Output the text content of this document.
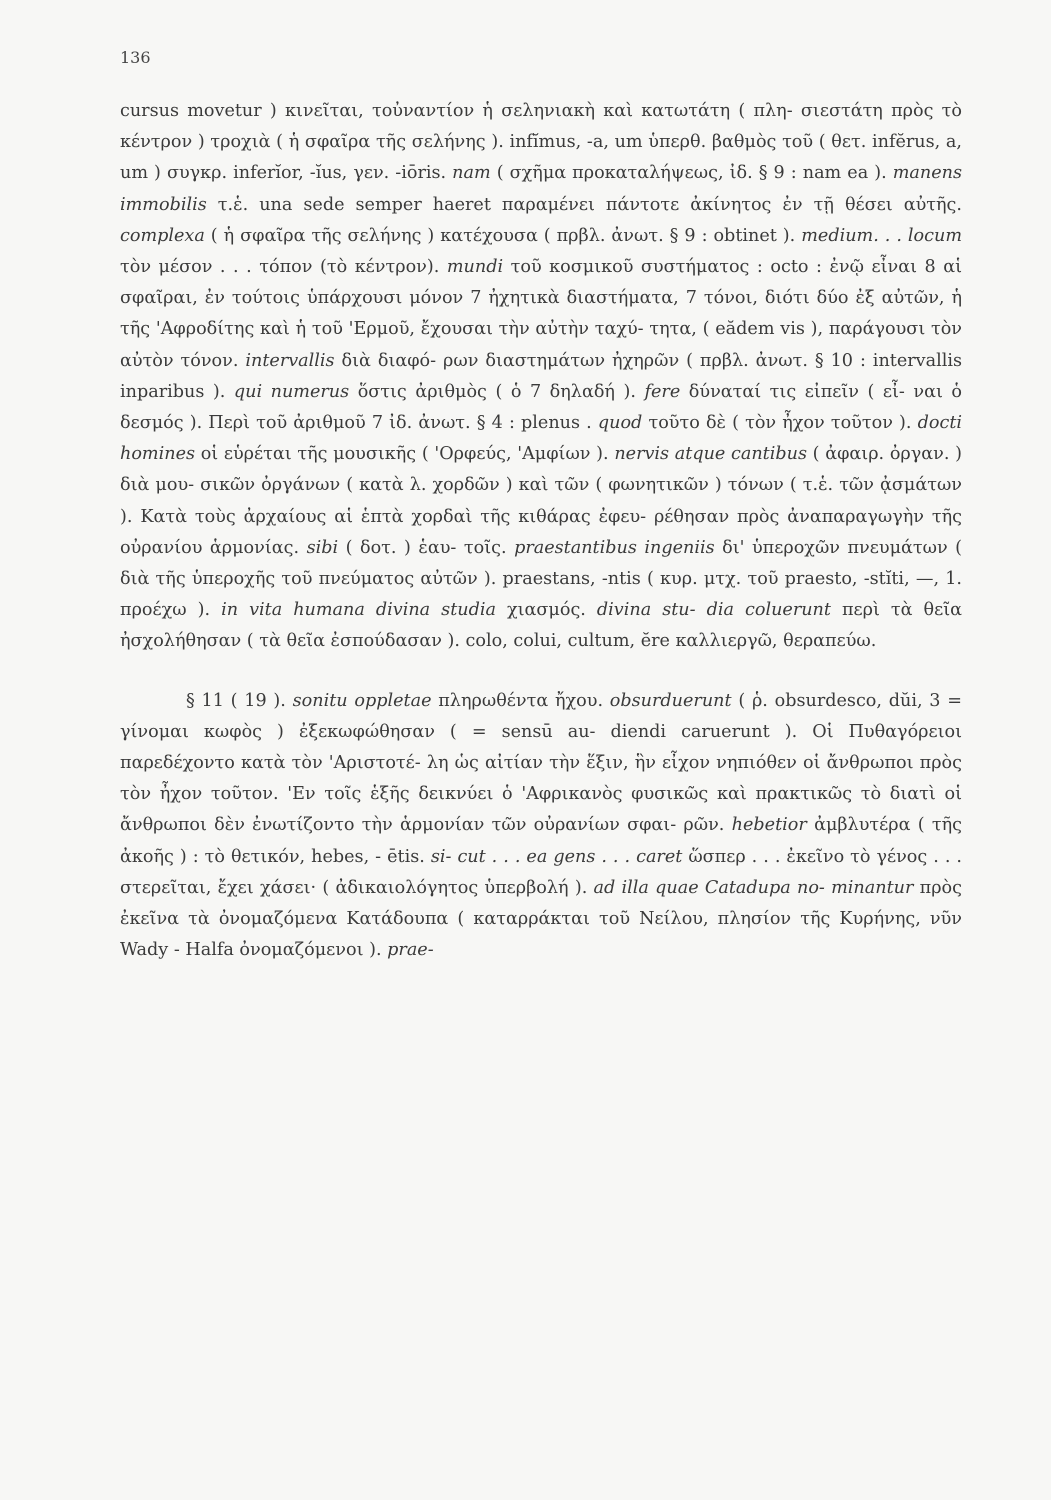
136

cursus movetur ) κινεῖται, τοὐναντίον ἡ σεληνιακὴ καὶ κατωτάτη ( πλη- σιεστάτη πρὸς τὸ κέντρον ) τροχιὰ ( ἡ σφαῖρα τῆς σελήνης ). infĭmus, -a, um ὑπερθ. βαθμὸς τοῦ ( θετ. infĕrus, a, um ) συγκρ. inferĭor, -ĭus, γεν. -iōris. nam ( σχῆμα προκαταλήψεως, ἰδ. § 9 : nam ea ). manens immobilis τ.ἑ. una sede semper haeret παραμένει πάντοτε ἀκίνητος ἐν τῇ θέσει αὐτῆς. complexa ( ἡ σφαῖρα τῆς σελήνης ) κατέχουσα ( πρβλ. ἀνωτ. § 9 : obtinet ). medium. . . locum τὸν μέσον . . . τόπον (τὸ κέντρον). mundi τοῦ κοσμικοῦ συστήματος : octo : ἐνῷ εἶναι 8 αἱ σφαῖραι, ἐν τούτοις ὑπάρχουσι μόνον 7 ἠχητικὰ διαστήματα, 7 τόνοι, διότι δύο ἐξ αὐτῶν, ἡ τῆς 'Αφροδίτης καὶ ἡ τοῦ 'Ερμοῦ, ἔχουσαι τὴν αὐτὴν ταχύ- τητα, ( eădem vis ), παράγουσι τὸν αὐτὸν τόνον. intervallis διὰ διαφό- ρων διαστημάτων ἠχηρῶν ( πρβλ. ἀνωτ. § 10 : intervallis inparibus ). qui numerus ὅστις ἀριθμὸς ( ὁ 7 δηλαδή ). fere δύναταί τις εἰπεῖν ( εἶ- ναι ὁ δεσμός ). Περὶ τοῦ ἀριθμοῦ 7 ἰδ. ἀνωτ. § 4 : plenus . quod τοῦτο δὲ ( τὸν ἦχον τοῦτον ). docti homines οἱ εὑρέται τῆς μουσικῆς ( 'Ορφεύς, 'Αμφίων ). nervis atque cantibus ( ἀφαιρ. ὀργαν. ) διὰ μου- σικῶν ὀργάνων ( κατὰ λ. χορδῶν ) καὶ τῶν ( φωνητικῶν ) τόνων ( τ.ἑ. τῶν ᾀσμάτων ). Κατὰ τοὺς ἀρχαίους αἱ ἑπτὰ χορδαὶ τῆς κιθάρας ἐφευ- ρέθησαν πρὸς ἀναπαραγωγὴν τῆς οὐρανίου ἁρμονίας. sibi ( δοτ. ) ἑαυ- τοῖς. praestantibus ingeniis δι' ὑπεροχῶν πνευμάτων ( διὰ τῆς ὑπεροχῆς τοῦ πνεύματος αὐτῶν ). praestans, -ntis ( κυρ. μτχ. τοῦ praesto, -stĭti, —, 1. προέχω ). in vita humana divina studia χιασμός. divina stu- dia coluerunt περὶ τὰ θεῖα ἠσχολήθησαν ( τὰ θεῖα ἐσπούδασαν ). colo, colui, cultum, ĕre καλλιεργῶ, θεραπεύω.

§ 11 ( 19 ). sonitu oppletae πληρωθέντα ἤχου. obsurduerunt ( ῥ. obsurdesco, dŭi, 3 = γίνομαι κωφὸς ) ἐξεκωφώθησαν ( = sensū au- diendi caruerunt ). Οἱ Πυθαγόρειοι παρεδέχοντο κατὰ τὸν 'Αριστοτέ- λη ὡς αἰτίαν τὴν ἕξιν, ἣν εἶχον νηπιόθεν οἱ ἄνθρωποι πρὸς τὸν ἦχον τοῦτον. 'Εν τοῖς ἑξῆς δεικνύει ὁ 'Αφρικανὸς φυσικῶς καὶ πρακτικῶς τὸ διατὶ οἱ ἄνθρωποι δὲν ἐνωτίζοντο τὴν ἁρμονίαν τῶν οὐρανίων σφαι- ρῶν. hebetior ἀμβλυτέρα ( τῆς ἀκοῆς ) : τὸ θετικόν, hebes, - ētis. si- cut . . . ea gens . . . caret ὥσπερ . . . ἐκεῖνο τὸ γένος . . . στερεῖται, ἔχει χάσει· ( ἀδικαιολόγητος ὑπερβολή ). ad illa quae Catadupa no- minantur πρὸς ἐκεῖνα τὰ ὀνομαζόμενα Κατάδουπα ( καταρράκται τοῦ Νείλου, πλησίον τῆς Κυρήνης, νῦν Wady - Halfa ὀνομαζόμενοι ). prae-
